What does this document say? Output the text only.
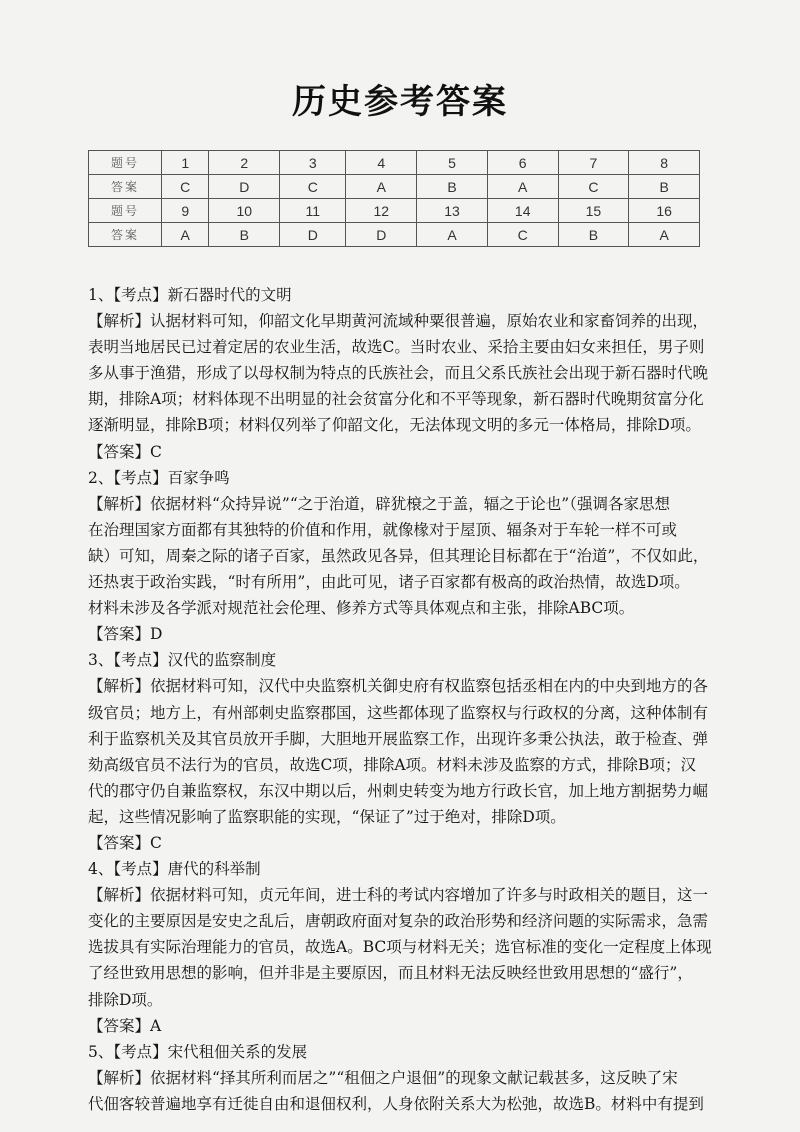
历史参考答案
题号	1	2	3	4	5	6	7	8
答案	C	D	C	A	B	A	C	B
题号	9	10	11	12	13	14	15	16
答案	A	B	D	D	A	C	B	A
1、【考点】新石器时代的文明
【解析】认据材料可知，仰韶文化早期黄河流域种粟很普遍，原始农业和家畜饲养的出现，
表明当地居民已过着定居的农业生活，故选C。当时农业、采拾主要由妇女来担任，男子则
多从事于渔猎，形成了以母权制为特点的氏族社会，而且父系氏族社会出现于新石器时代晚
期，排除A项；材料体现不出明显的社会贫富分化和不平等现象，新石器时代晚期贫富分化
逐渐明显，排除B项；材料仅列举了仰韶文化，无法体现文明的多元一体格局，排除D项。
【答案】C
2、【考点】百家争鸣
【解析】依据材料“众持异说”“之于治道，辟犹榱之于盖，辐之于论也”（强调各家思想
在治理国家方面都有其独特的价值和作用，就像椽对于屋顶、辐条对于车轮一样不可或
缺）可知，周秦之际的诸子百家，虽然政见各异，但其理论目标都在于“治道”，不仅如此，
还热衷于政治实践，“时有所用”，由此可见，诸子百家都有极高的政治热情，故选D项。
材料未涉及各学派对规范社会伦理、修养方式等具体观点和主张，排除ABC项。
【答案】D
3、【考点】汉代的监察制度
【解析】依据材料可知，汉代中央监察机关御史府有权监察包括丞相在内的中央到地方的各
级官员；地方上，有州部刺史监察郡国，这些都体现了监察权与行政权的分离，这种体制有
利于监察机关及其官员放开手脚，大胆地开展监察工作，出现许多秉公执法，敢于检查、弹
劾高级官员不法行为的官员，故选C项，排除A项。材料未涉及监察的方式，排除B项；汉
代的郡守仍自兼监察权，东汉中期以后，州刺史转变为地方行政长官，加上地方割据势力崛
起，这些情况影响了监察职能的实现，“保证了”过于绝对，排除D项。
【答案】C
4、【考点】唐代的科举制
【解析】依据材料可知，贞元年间，进士科的考试内容增加了许多与时政相关的题目，这一
变化的主要原因是安史之乱后，唐朝政府面对复杂的政治形势和经济问题的实际需求，急需
选拔具有实际治理能力的官员，故选A。BC项与材料无关；选官标准的变化一定程度上体现
了经世致用思想的影响，但并非是主要原因，而且材料无法反映经世致用思想的“盛行”，
排除D项。
【答案】A
5、【考点】宋代租佃关系的发展
【解析】依据材料“择其所利而居之”“租佃之户退佃”的现象文献记载甚多，这反映了宋
代佃客较普遍地享有迁徙自由和退佃权利，人身依附关系大为松弛，故选B。材料中有提到
